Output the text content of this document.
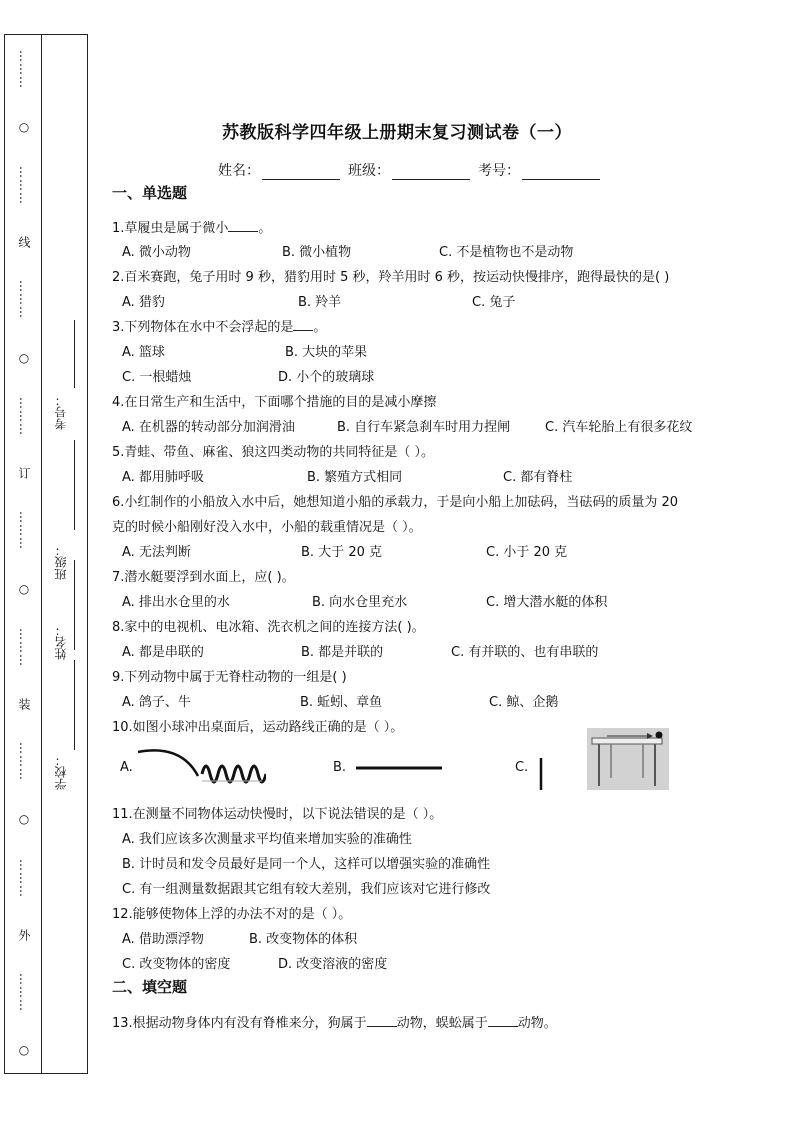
………
○
………
线
………
○
………
订
………
○
………
装
………
○
………
外
………
○
考号：
班级：
姓名：
学校：
苏教版科学四年级上册期末复习测试卷（一）
姓名：	班级：	考号：
一、单选题
1.草履虫是属于微小 。
A. 微小动物	B. 微小植物	C. 不是植物也不是动物
2.百米赛跑，兔子用时 9 秒，猎豹用时 5 秒，羚羊用时 6 秒，按运动快慢排序，跑得最快的是( )
A. 猎豹	B. 羚羊	C. 兔子
3.下列物体在水中不会浮起的是 。
A. 篮球	B. 大块的苹果
C. 一根蜡烛	D. 小个的玻璃球
4.在日常生产和生活中，下面哪个措施的目的是减小摩擦
A. 在机器的转动部分加润滑油	B. 自行车紧急刹车时用力捏闸	C. 汽车轮胎上有很多花纹
5.青蛙、带鱼、麻雀、狼这四类动物的共同特征是（ ）。
A. 都用肺呼吸	B. 繁殖方式相同	C. 都有脊柱
6.小红制作的小船放入水中后，她想知道小船的承载力，于是向小船上加砝码，当砝码的质量为 20
克的时候小船刚好没入水中，小船的载重情况是（ ）。
A. 无法判断	B. 大于 20 克	C. 小于 20 克
7.潜水艇要浮到水面上，应( )。
A. 排出水仓里的水	B. 向水仓里充水	C. 增大潜水艇的体积
8.家中的电视机、电冰箱、洗衣机之间的连接方法( )。
A. 都是串联的	B. 都是并联的	C. 有并联的、也有串联的
9.下列动物中属于无脊柱动物的一组是( )
A. 鸽子、牛	B. 蚯蚓、章鱼	C. 鲸、企鹅
10.如图小球冲出桌面后，运动路线正确的是（ ）。
A.	B.	C.
11.在测量不同物体运动快慢时，以下说法错误的是（ ）。
A. 我们应该多次测量求平均值来增加实验的准确性
B. 计时员和发令员最好是同一个人，这样可以增强实验的准确性
C. 有一组测量数据跟其它组有较大差别，我们应该对它进行修改
12.能够使物体上浮的办法不对的是（ ）。
A. 借助漂浮物	B. 改变物体的体积
C. 改变物体的密度	D. 改变溶液的密度
二、填空题
13.根据动物身体内有没有脊椎来分，狗属于 动物，蜈蚣属于 动物。
